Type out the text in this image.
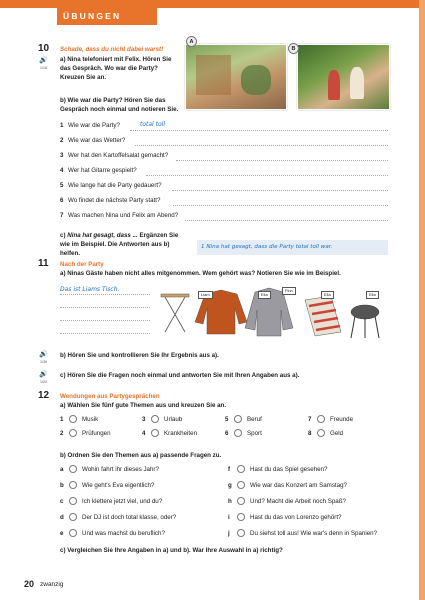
ÜBUNGEN
10
🔊
1/18
Schade, dass du nicht dabei warst!
a) Nina telefoniert mit Felix. Hören Sie das Gespräch. Wo war die Party? Kreuzen Sie an.
A
B
b) Wie war die Party? Hören Sie das Gespräch noch einmal und notieren Sie.
1 Wie war die Party?	total toll
2 Wie war das Wetter?
3 Wer hat den Kartoffelsalat gemacht?
4 Wer hat Gitarre gespielt?
5 Wie lange hat die Party gedauert?
6 Wo findet die nächste Party statt?
7 Was machen Nina und Felix am Abend?
c) Nina hat gesagt, dass ... Ergänzen Sie wie im Beispiel. Die Antworten aus b) helfen.
1 Nina hat gesagt, dass die Party total toll war.
11 Nach der Party
a) Ninas Gäste haben nicht alles mitgenommen. Wem gehört was? Notieren Sie wie im Beispiel.
Das ist Liams Tisch.
Liam	Ella
Finn
Ella	Ella
🔊
1/39
b) Hören Sie und kontrollieren Sie Ihr Ergebnis aus a).
🔊
1/20
c) Hören Sie die Fragen noch einmal und antworten Sie mit Ihren Angaben aus a).
12 Wendungen aus Partygesprächen
a) Wählen Sie fünf gute Themen aus und kreuzen Sie an.
1	Musik	3	Urlaub	5	Beruf	7	Freunde
2	Prüfungen	4	Krankheiten	6	Sport	8	Geld
b) Ordnen Sie den Themen aus a) passende Fragen zu.
a	Wohin fahrt ihr dieses Jahr?
b	Wie geht's Eva eigentlich?
c	Ich klettere jetzt viel, und du?
d	Der DJ ist doch total klasse, oder?
e	Und was machst du beruflich?
f	Hast du das Spiel gesehen?
g	Wie war das Konzert am Samstag?
h	Und? Macht die Arbeit noch Spaß?
i	Hast du das von Lorenzo gehört?
j	Du siehst toll aus! Wie war's denn in Spanien?
c) Vergleichen Sie Ihre Angaben in a) und b). War Ihre Auswahl in a) richtig?
20 zwanzig
